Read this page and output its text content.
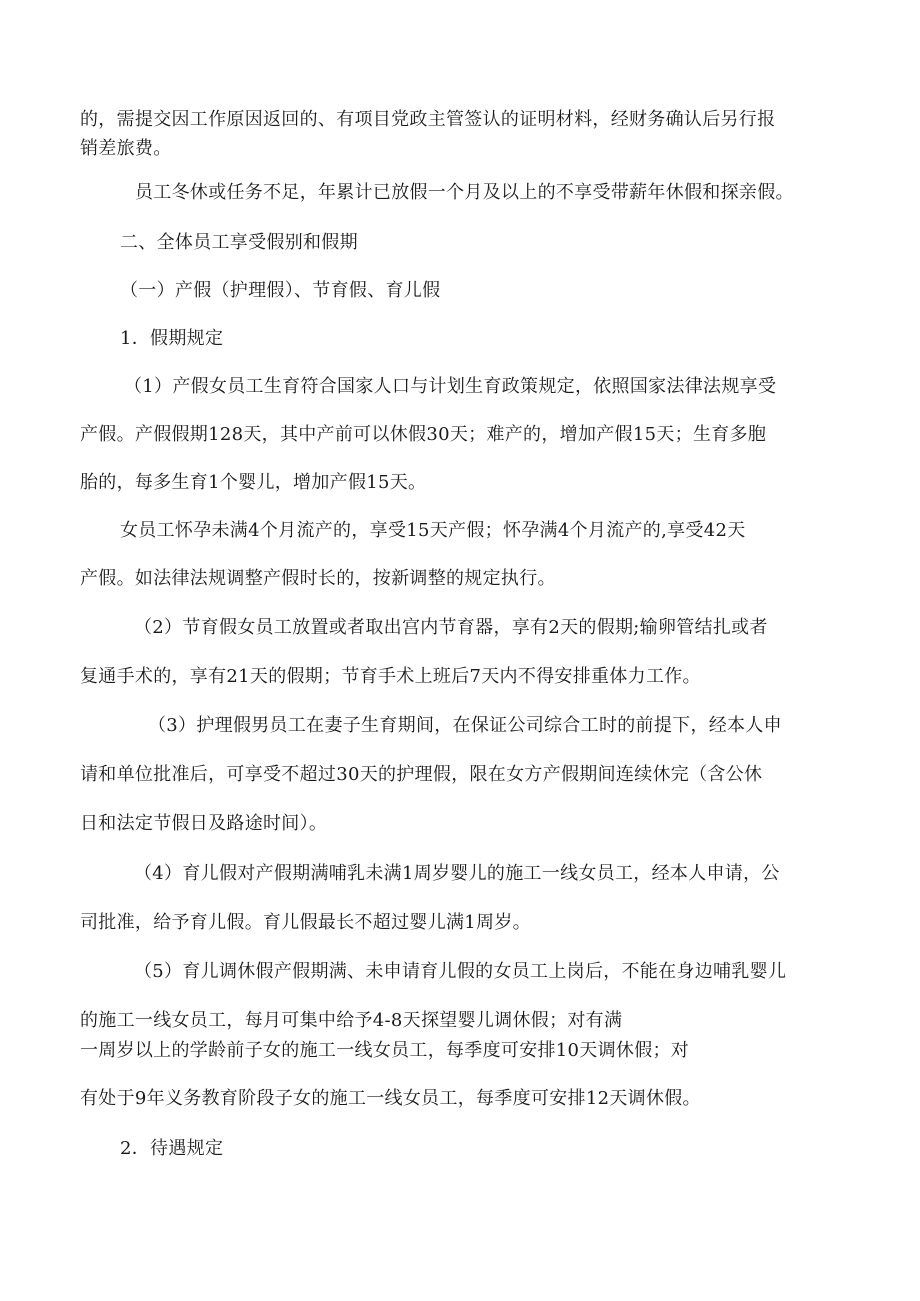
的，需提交因工作原因返回的、有项目党政主管签认的证明材料，经财务确认后另行报
销差旅费。
员工冬休或任务不足，年累计已放假一个月及以上的不享受带薪年休假和探亲假。
二、全体员工享受假别和假期
（一）产假（护理假）、节育假、育儿假
1．假期规定
（1）产假女员工生育符合国家人口与计划生育政策规定，依照国家法律法规享受
产假。产假假期128天，其中产前可以休假30天；难产的，增加产假15天；生育多胞
胎的，每多生育1个婴儿，增加产假15天。
女员工怀孕未满4个月流产的，享受15天产假；怀孕满4个月流产的,享受42天
产假。如法律法规调整产假时长的，按新调整的规定执行。
（2）节育假女员工放置或者取出宫内节育器，享有2天的假期;输卵管结扎或者
复通手术的，享有21天的假期；节育手术上班后7天内不得安排重体力工作。
（3）护理假男员工在妻子生育期间，在保证公司综合工时的前提下，经本人申
请和单位批准后，可享受不超过30天的护理假，限在女方产假期间连续休完（含公休
日和法定节假日及路途时间）。
（4）育儿假对产假期满哺乳未满1周岁婴儿的施工一线女员工，经本人申请，公
司批准，给予育儿假。育儿假最长不超过婴儿满1周岁。
（5）育儿调休假产假期满、未申请育儿假的女员工上岗后，不能在身边哺乳婴儿
的施工一线女员工，每月可集中给予4-8天探望婴儿调休假；对有满
一周岁以上的学龄前子女的施工一线女员工，每季度可安排10天调休假；对
有处于9年义务教育阶段子女的施工一线女员工，每季度可安排12天调休假。
2．待遇规定
